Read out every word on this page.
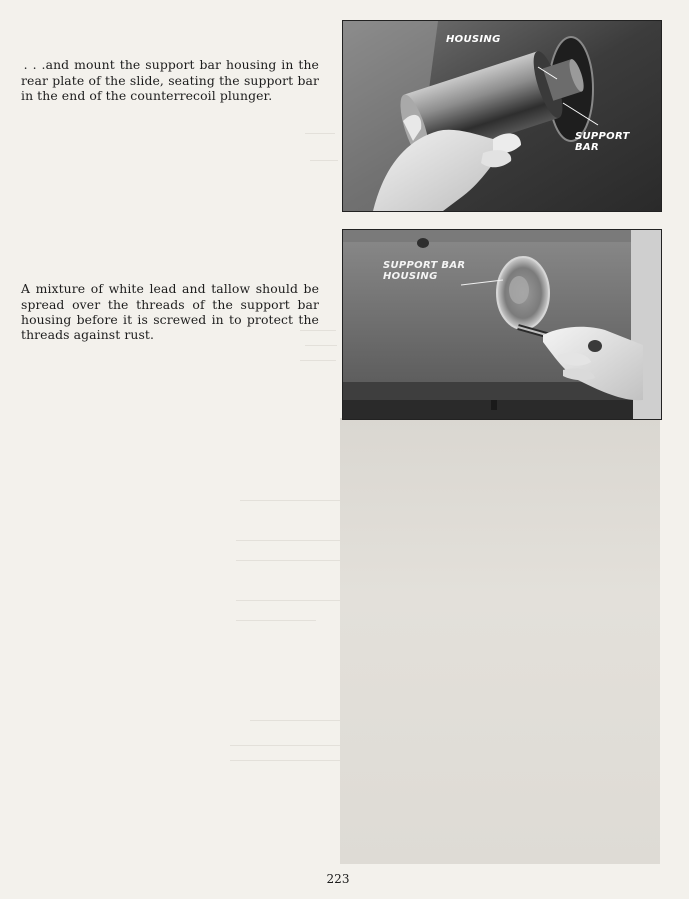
 . . .and mount the support bar housing in the rear plate of the slide, seating the support bar in the end of the counterrecoil plunger.

A mixture of white lead and tallow should be spread over the threads of the support bar housing before it is screwed in to protect the threads against rust.

HOUSING
SUPPORT BAR
SUPPORT BAR HOUSING
223
